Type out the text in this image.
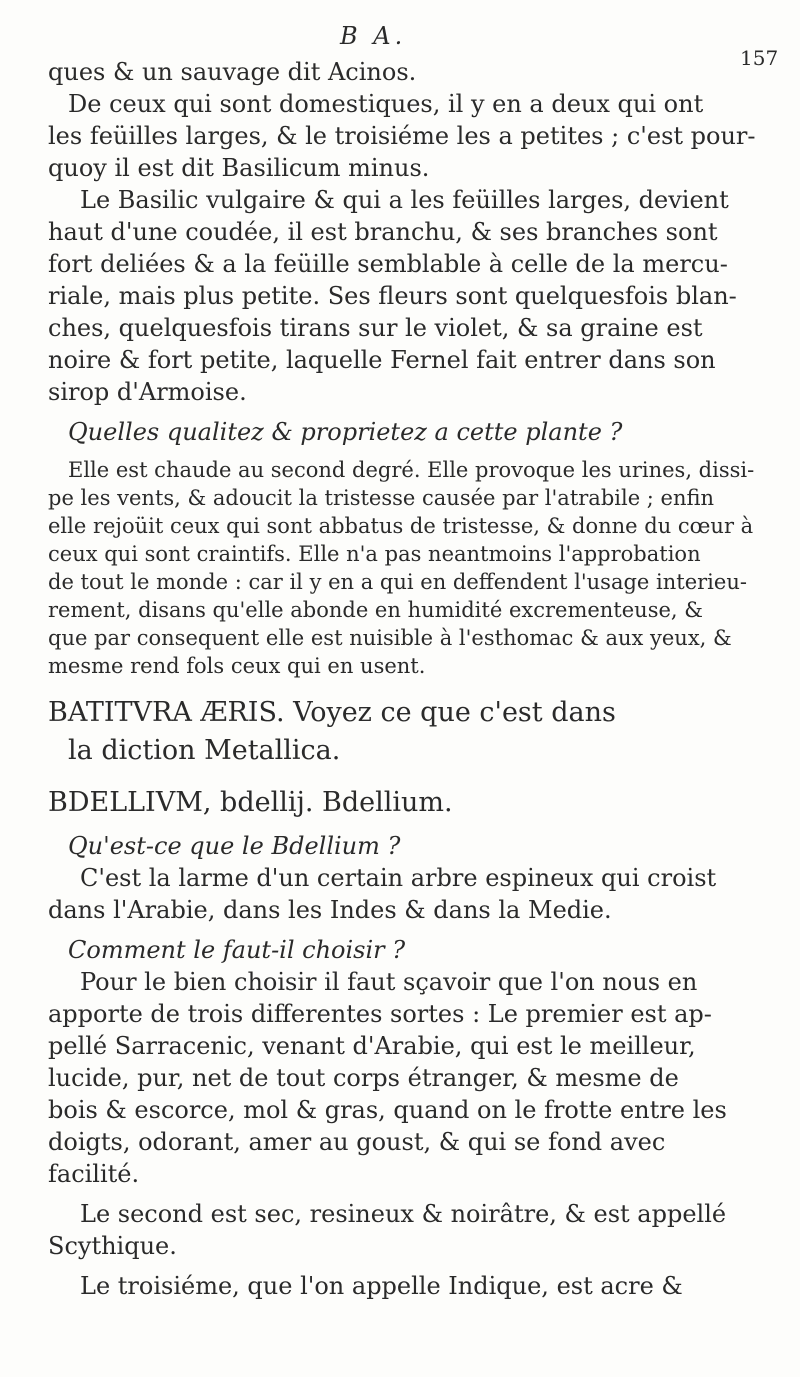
B A.
157
ques & un sauvage dit Acinos.
De ceux qui sont domestiques, il y en a deux qui ont
les feüilles larges, & le troisiéme les a petites ; c'est pour-
quoy il est dit Basilicum minus.
Le Basilic vulgaire & qui a les feüilles larges, devient
haut d'une coudée, il est branchu, & ses branches sont
fort deliées & a la feüille semblable à celle de la mercu-
riale, mais plus petite. Ses fleurs sont quelquesfois blan-
ches, quelquesfois tirans sur le violet, & sa graine est
noire & fort petite, laquelle Fernel fait entrer dans son
sirop d'Armoise.
Quelles qualitez & proprietez a cette plante ?
Elle est chaude au second degré. Elle provoque les urines, dissi-
pe les vents, & adoucit la tristesse causée par l'atrabile ; enfin
elle rejoüit ceux qui sont abbatus de tristesse, & donne du cœur à
ceux qui sont craintifs. Elle n'a pas neantmoins l'approbation
de tout le monde : car il y en a qui en deffendent l'usage interieu-
rement, disans qu'elle abonde en humidité excrementeuse, &
que par consequent elle est nuisible à l'esthomac & aux yeux, &
mesme rend fols ceux qui en usent.
BATITVRA ÆRIS. Voyez ce que c'est dans
la diction Metallica.
BDELLIVM, bdellij. Bdellium.
Qu'est-ce que le Bdellium ?
C'est la larme d'un certain arbre espineux qui croist
dans l'Arabie, dans les Indes & dans la Medie.
Comment le faut-il choisir ?
Pour le bien choisir il faut sçavoir que l'on nous en
apporte de trois differentes sortes : Le premier est ap-
pellé Sarracenic, venant d'Arabie, qui est le meilleur,
lucide, pur, net de tout corps étranger, & mesme de
bois & escorce, mol & gras, quand on le frotte entre les
doigts, odorant, amer au goust, & qui se fond avec
facilité.
Le second est sec, resineux & noirâtre, & est appellé
Scythique.
Le troisiéme, que l'on appelle Indique, est acre &
